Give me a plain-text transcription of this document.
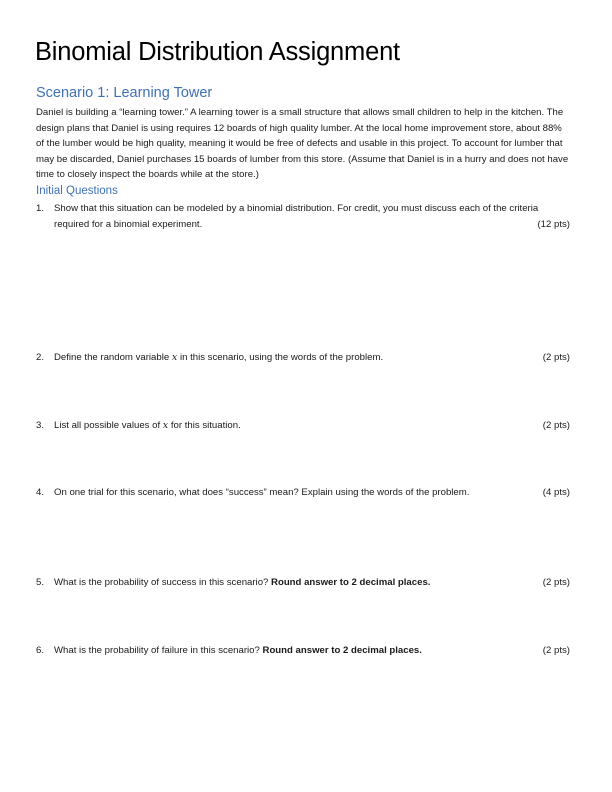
Binomial Distribution Assignment
Scenario 1: Learning Tower
Daniel is building a “learning tower.” A learning tower is a small structure that allows small children to help in the kitchen. The design plans that Daniel is using requires 12 boards of high quality lumber. At the local home improvement store, about 88% of the lumber would be high quality, meaning it would be free of defects and usable in this project. To account for lumber that may be discarded, Daniel purchases 15 boards of lumber from this store. (Assume that Daniel is in a hurry and does not have time to closely inspect the boards while at the store.)
Initial Questions
1. Show that this situation can be modeled by a binomial distribution. For credit, you must discuss each of the criteria required for a binomial experiment.	(12 pts)
2. Define the random variable x in this scenario, using the words of the problem.	(2 pts)
3. List all possible values of x for this situation.	(2 pts)
4. On one trial for this scenario, what does “success” mean? Explain using the words of the problem.	(4 pts)
5. What is the probability of success in this scenario? Round answer to 2 decimal places.	(2 pts)
6. What is the probability of failure in this scenario? Round answer to 2 decimal places.	(2 pts)
